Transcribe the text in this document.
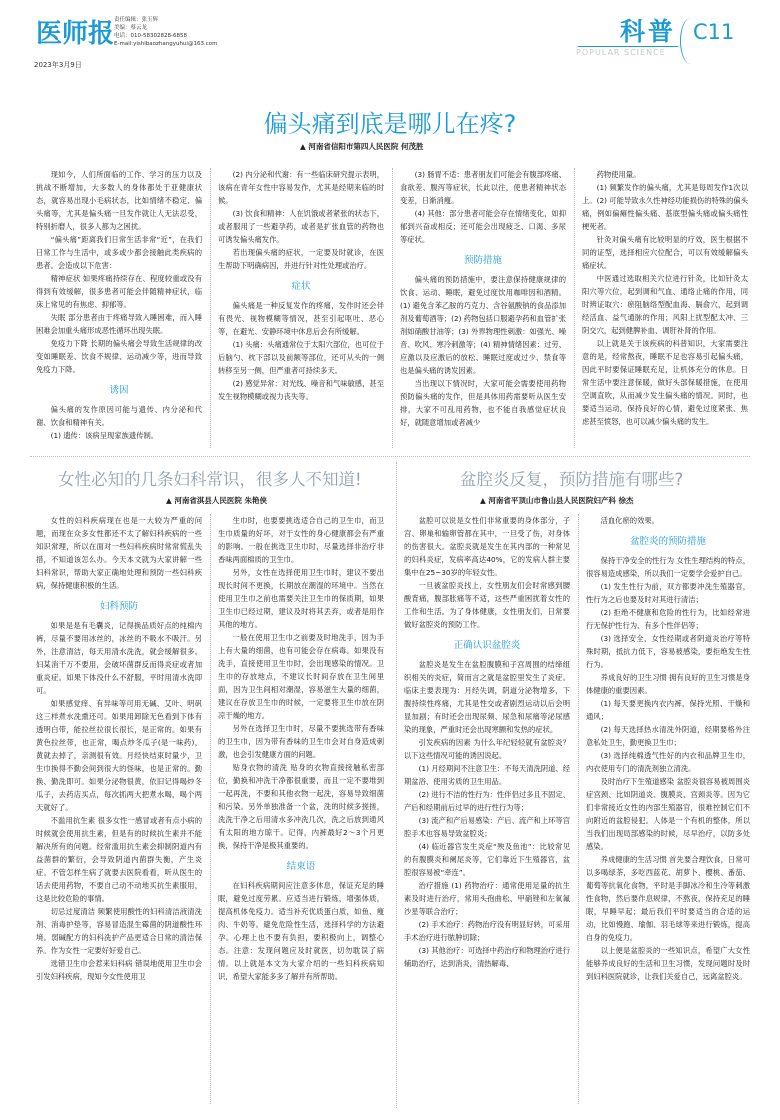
医师报
2023年3月9日
责任编辑：张玉辉
美编：蔡云龙
电话：010-58302828-6858
E-mail:yishibaozhangyuhui@163.com	科普
POPULAR SCIENCE
C11
偏头痛到底是哪儿在疼?
▲ 河南省信阳市第四人民医院 何茂胜

现如今，人们所面临的工作、学习的压力以及挑战不断增加，大多数人的身体都处于亚健康状态，就容易出现小毛病状态，比如情绪不稳定、偏头痛等，尤其是偏头痛一旦发作就让人无法忍受，特别折磨人，很多人都为之困扰。

“偏头痛”距离我们日常生活非常“近”，在我们日常工作与生活中，或多或少都会接触此类疾病的患者。会造成以下危害：

精神症状 如果疼痛持续存在、程度较重或没有得到有效缓解，很多患者可能会伴随精神症状，临床上常见的有焦虑、抑郁等。

失眠 部分患者由于疼痛导致入睡困难，而入睡困难会加重头痛形成恶性循环出现失眠。

免疫力下降 长期的偏头痛会导致生活规律的改变如睡眠差、饮食不规律、运动减少等，进而导致免疫力下降。

诱因

偏头痛的发作原因可能与遗传、内分泌和代谢、饮食和精神有关。

(1) 遗传：该病呈现家族遗传制。

(2) 内分泌和代谢：有一些临床研究提示表明，该病在青年女性中容易发作，尤其是经期来临的时候。

(3) 饮食和精神：人在饥饿或者紧张的状态下，或者服用了一些避孕药，或者是扩张血管的药物也可诱发偏头痛发作。

若出现偏头痛的症状，一定要及时就诊，在医生帮助下明确病因，并进行针对性处理或治疗。

症状

偏头痛是一种反复发作的疼痛，发作时还会伴有畏光、视物模糊等情况，甚至引起呕吐、恶心等，在避光、安静环境中休息后会有所缓解。

(1) 头痛：头痛通常位于太阳穴部位，也可位于后脑勺、枕下部以及前额等部位，还可从头的一侧转移至另一侧，但严重者可持续多天。

(2) 感觉异常：对光线、噪音和气味敏感，甚至发生视物模糊或视力丧失等。

(3) 肠胃不适：患者朋友们可能会有腹部疼痛、食欲差、腹泻等症状，长此以往，使患者精神状态变差，日渐消瘦。

(4) 其他：部分患者可能会存在情绪变化，如抑郁到兴奋或相反；还可能会出现疲乏、口渴、多尿等症状。

预防措施

偏头痛的预防措施中，要注意保持健康规律的饮食、运动、睡眠，避免过度饮用咖啡因和酒精。(1) 避免含苯乙胺的巧克力、含谷氨酸钠的食品添加剂及葡萄酒等；(2) 药物包括口服避孕药和血管扩张剂如硝酸甘油等；(3) 外界物理性刺激：如强光、噪音、吹风、寒冷刺激等；(4) 精神情绪因素：过劳、应激以及应激后的放松、睡眠过度或过少、禁食等也是偏头痛的诱发因素。

当出现以下情况时，大家可能会需要使用药物预防偏头痛的发作，但是具体用药需要听从医生安排，大家不可乱用药物，也不能自我感觉症状良好，就随意增加或者减少

药物使用量。

(1) 频繁发作的偏头痛，尤其是每周发作1次以上。(2) 可能导致永久性神经功能损伤的特殊的偏头痛，例如偏瘫性偏头痛、基底型偏头痛或偏头痛性梗死者。

针灸对偏头痛有比较明显的疗效，医生根据不同的证型，选择相应穴位配合，可以有效缓解偏头痛症状。

中医通过选取相关穴位进行针灸，比如针灸太阳穴等穴位，起到调和气血、通络止痛的作用，同时辨证取穴：瘀阻脑络型配血海、膈俞穴，起到调经活血、益气通脉的作用；风阳上扰型配太冲、三阴交穴，起到健脾补血、调肝补肾的作用。

以上就是关于该疾病的科普知识，大家需要注意的是，经常熬夜，睡眠不足也容易引起偏头痛，因此平时要保证睡眠充足，让机体充分的休息。日常生活中要注意保暖，做好头部保暖措施，在使用空调直吹，从而减少发生偏头痛的情况。同时，也要适当运动，保持良好的心情，避免过度紧张、焦虑甚至愤怒，也可以减少偏头痛的发生。

女性必知的几条妇科常识，很多人不知道!
▲ 河南省淇县人民医院 朱艳侠

女性的妇科疾病现在也是一大较为严重的问题，而现在众多女性都还不太了解妇科疾病的一些知识常理，所以在面对一些妇科疾病时常常慌乱失措，不知道该怎么办。今天本文就为大家讲解一些妇科常识，帮助大家正确地处理和预防一些妇科疾病，保持健康积极的生活。

妇科预防

如果是是有毛囊炎，记得换品质好点的纯棉内裤，尽量不要用冰丝的，冰丝的不吸水不吸汗。另外，注意清洁，每天用清水洗洗，就会缓解很多。妇某消干万不要用，会破坏菌群反而得炎症或者加重炎症。如果下体没什么不舒服，平时用清水洗即可。

如果感觉痒、有异味等可用无碱、艾叶、明矾这三样煮水洗熏还可。如果用卸除无色看到下体有透明白带，能拉丝拉很长很长，是正常的。如果有黄色拉丝带，也正常，喝点炒冬瓜子(是一味药)，黄就去掉了，亲测很有效。月经快结束时量少，卫生巾换得不勤会间到很大的怪味，也是正常的。勤换、勤洗即可。如果分泌物很黄，依旧记得喝炒冬瓜子，去药店买点，每次抓两大把煮水喝，喝个两天就好了。

不滥用抗生素 很多女性一感冒或者有点小病的时候就会使用抗生素，但是有的时候抗生素并不能解决所有的问题。经常滥用抗生素会抑制阴道内有益菌群的繁衍，会导致阴道内菌群失衡，产生炎症。不管怎样生病了就要去医院看看，听从医生的话去使用药物，不要自己动不动地买抗生素服用，这是比较危险的事情。

切忌过度清洁 频繁使用酸性的妇科清洁液清洗剂、消毒护垫等，容易冒造混生霉菌的阴道酸性环境。弱碱配方的妇科洗护产品更适合日常的清洁保养。作为女性一定要好好爱自己。

选错卫生巾会惹来妇科病 错误地使用卫生巾会引发妇科疾病，现知今女性使用卫

生巾时，也要要挑选适合自己的卫生巾，而卫生巾质量的好坏，对于女性的身心健康都会有严重的影响。一般在挑选卫生巾时，尽量选择非治疗非香味两面棉质的卫生巾。

另外，女性在选择使用卫生巾时，建议不要出现长时间不更换，长期放在潮湿的环境中。当然在使用卫生巾之前也需要关注卫生巾的保质期，如果卫生巾已经过期，建议及时将其丢弃，或者是用作其他的地方。

一般在使用卫生巾之前要及时地洗手，因为手上有大量的细菌，也有可能会存在病毒。如果没有洗手，直接使用卫生巾时，会出现感染的情况。卫生巾的存放地点，不建议长时间存放在卫生间里面，因为卫生间相对潮湿，容易滋生大量的细菌，建议在存放卫生巾的时候，一定要将卫生巾放在阴凉干燥的地方。

另外在选择卫生巾时，尽量不要挑选带有香味的卫生巾，因为带有香味的卫生巾会对自身造成刺激，也会引发健康方面的问题。

贴身衣物的清洗 贴身的衣物直接接触私密部位，勤换和冲洗干净都很重要，而且一定不要堆到一起再洗，不要和其他衣物一起洗，容易导致细菌和污染。另外单独准备一个盆，洗的时候多搓搓，洗洗干净之后用清水多冲洗几次，洗之后放到通风有太阳的地方晾干。记得，内裤最好2～3个月更换，保持干净是极其重要的。

结束语

在妇科疾病期间应注意多休息，保证充足的睡眠，避免过度劳累。应适当进行锻炼，增强体质，提高机体免疫力。适当补充优质蛋白质，如鱼、瘦肉、牛奶等。避免危险性生活，选择科学的方法避孕。心理上也不要有负担，要积极向上，调整心态。注意：发现问题应及时就医，切勿耽误了病情。以上就是本文为大家介绍的一些妇科疾病知识，希望大家能多多了解并有所帮助。

盆腔炎反复，预防措施有哪些?
▲ 河南省平顶山市鲁山县人民医院妇产科 徐杰

盆腔可以说是女性们非常重要的身体部分，子宫、卵巢和输卵管都在其中，一旦受了伤，对身体的伤害很大。盆腔炎就是发生在其内部的一种常见的妇科炎症，发病率高达40%，它的发病人群主要集中在25~30岁的年轻女性。

一旦被盆腔炎找上，女性朋友们会时常感到腰酸背痛，腹部胀痛等不适，这些严重困扰着女性的工作和生活。为了身体健康，女性朋友们，日常要做好盆腔炎的预防工作。

正确认识盆腔炎

盆腔炎是发生在盆腔腹膜和子宫周围的结缔组织相关的炎症，简而言之就是盆腔里发生了炎症。临床主要表现为：月经失调，阴道分泌物增多，下腹持续性疼痛，尤其是性交或者剧烈运动以后会明显加剧；有时还会出现尿频、尿急和尿痛等泌尿感染的现象，严重时还会出现寒颤和发热的症状。

引发疾病的因素 为什么年纪轻轻就有盆腔炎？以下这些情况可能的诱因说起。

(1) 月经期间不注意卫生：不每天清洗阴道、经期盆浴、使用劣质的卫生用品。

(2) 进行不洁的性行为：性伴侣过多且不固定、产后和经期前后过早的进行性行为等；

(3) 流产和产后易感染：产后、流产和上环等宫腔手术也容易导致盆腔炎；

(4) 临近器官发生炎症“殃及鱼池”：比较常见的有腹膜炎和阑尾炎等，它们靠近下生殖器官，盆腔很容易被“牵连”。

治疗措施 (1) 药物治疗：通常使用足量的抗生素及时进行治疗，常用头孢曲松、甲硝锉和左氧氟沙星等联合治疗；

(2) 手术治疗：药物治疗没有明显好转，可采用手术治疗进行脓肿切除；

(3) 其他治疗：可选择中药治疗和物理治疗进行辅助治疗，达到消炎，清热解毒、

活血化瘀的效果。

盆腔炎的预防措施

保持干净安全的性行为 女性生理结构的特点，很容易造成感染，所以我们一定要学会爱护自己。

(1) 发生性行为前，双方都要冲洗生殖器官，性行为之后也要及时对其进行清洁；

(2) 拒绝不健康和危险的性行为，比如经常进行无保护性行为、有多个性伴侣等；

(3) 选择安全，女性经期或者阴道炎治疗等特殊时期，抵抗力低下，容易被感染，要拒绝发生性行为。

养成良好的卫生习惯 拥有良好的卫生习惯是身体健康的重要因素。

(1) 每天要更换内衣内裤，保持光照、干燥和通风；

(2) 每天选择热水清洗外阴道，经期要格外注意私处卫生，勤更换卫生巾；

(3) 选择纯棉透气性好的内衣和品牌卫生巾，内衣使用专门的清洗剂独立清洗。

及时治疗下生殖道感染 盆腔炎很容易被周围炎症宫颈、比如阴道炎、腹膜炎、宫颈炎等。因为它们非常接近女性的内部生殖器官，很难控制它们不向附近的盆腔侵犯。人体是一个有机的整体，所以当我们出现局部感染的时候，尽早治疗，以防多处感染。

养成健康的生活习惯 首先要合理饮食，日常可以多喝绿茶，多吃西蓝花、胡萝卜、樱桃、番茄、葡萄等抗氧化食物，平时是手脚冰冷和生冷等刺激性食物，然后要作息规律，不熬夜，保持充足的睡眠，早睡早起；最后我们平时要适当的合适的运动，比如慢跑、瑜伽、羽毛球等来进行锻炼，提高自身的免疫力。

以上便是盆腔炎的一些知识点，希望广大女性能够养成良好的生活和卫生习惯，发现问题时及时到妇科医院就诊，让我们关爱自己，远离盆腔炎。
